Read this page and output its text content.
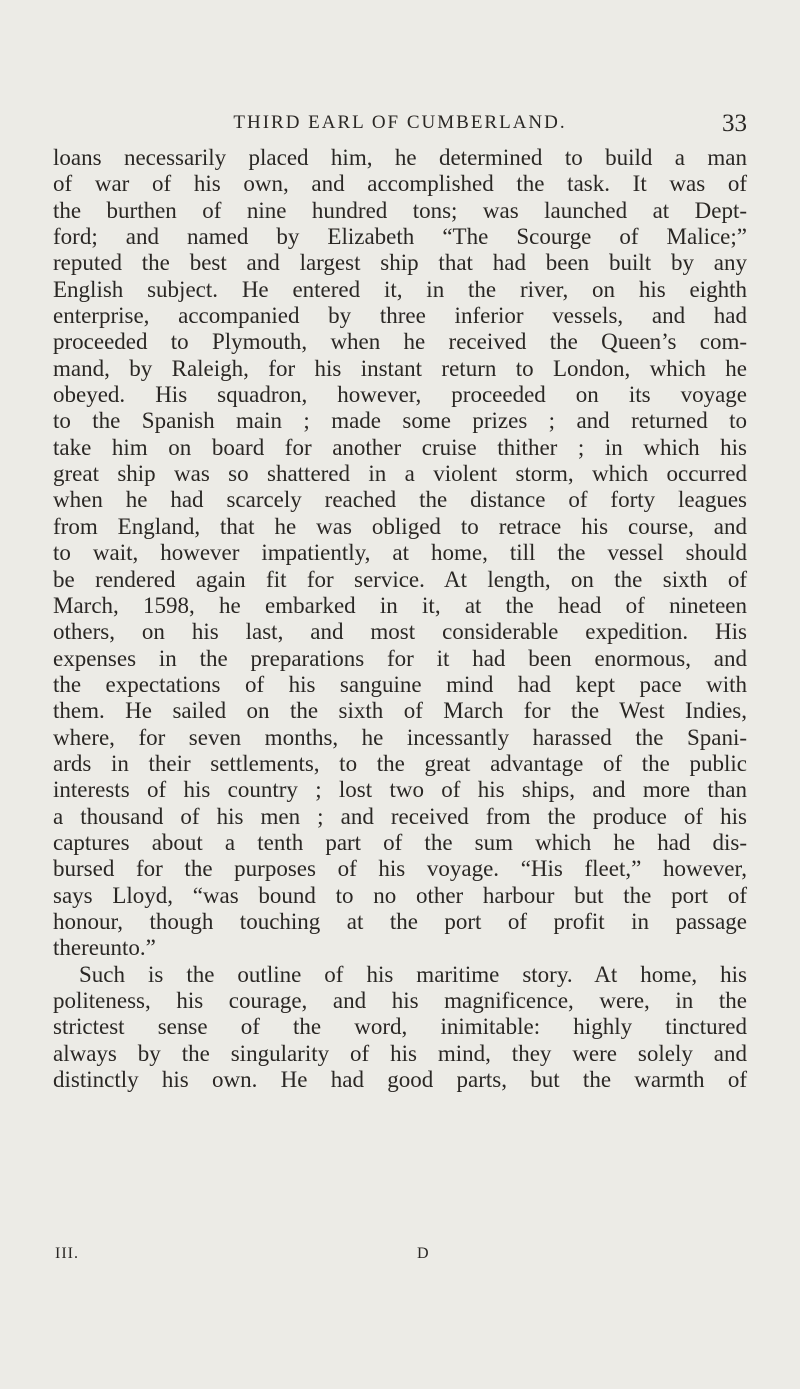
THIRD EARL OF CUMBERLAND.	33
loans necessarily placed him, he determined to build a man
of war of his own, and accomplished the task. It was of
the burthen of nine hundred tons; was launched at Dept-
ford; and named by Elizabeth “The Scourge of Malice;”
reputed the best and largest ship that had been built by any
English subject. He entered it, in the river, on his eighth
enterprise, accompanied by three inferior vessels, and had
proceeded to Plymouth, when he received the Queen’s com-
mand, by Raleigh, for his instant return to London, which he
obeyed. His squadron, however, proceeded on its voyage
to the Spanish main ; made some prizes ; and returned to
take him on board for another cruise thither ; in which his
great ship was so shattered in a violent storm, which occurred
when he had scarcely reached the distance of forty leagues
from England, that he was obliged to retrace his course, and
to wait, however impatiently, at home, till the vessel should
be rendered again fit for service. At length, on the sixth of
March, 1598, he embarked in it, at the head of nineteen
others, on his last, and most considerable expedition. His
expenses in the preparations for it had been enormous, and
the expectations of his sanguine mind had kept pace with
them. He sailed on the sixth of March for the West Indies,
where, for seven months, he incessantly harassed the Spani-
ards in their settlements, to the great advantage of the public
interests of his country ; lost two of his ships, and more than
a thousand of his men ; and received from the produce of his
captures about a tenth part of the sum which he had dis-
bursed for the purposes of his voyage. “His fleet,” however,
says Lloyd, “was bound to no other harbour but the port of
honour, though touching at the port of profit in passage
thereunto.”
Such is the outline of his maritime story. At home, his
politeness, his courage, and his magnificence, were, in the
strictest sense of the word, inimitable: highly tinctured
always by the singularity of his mind, they were solely and
distinctly his own. He had good parts, but the warmth of
III.	D
